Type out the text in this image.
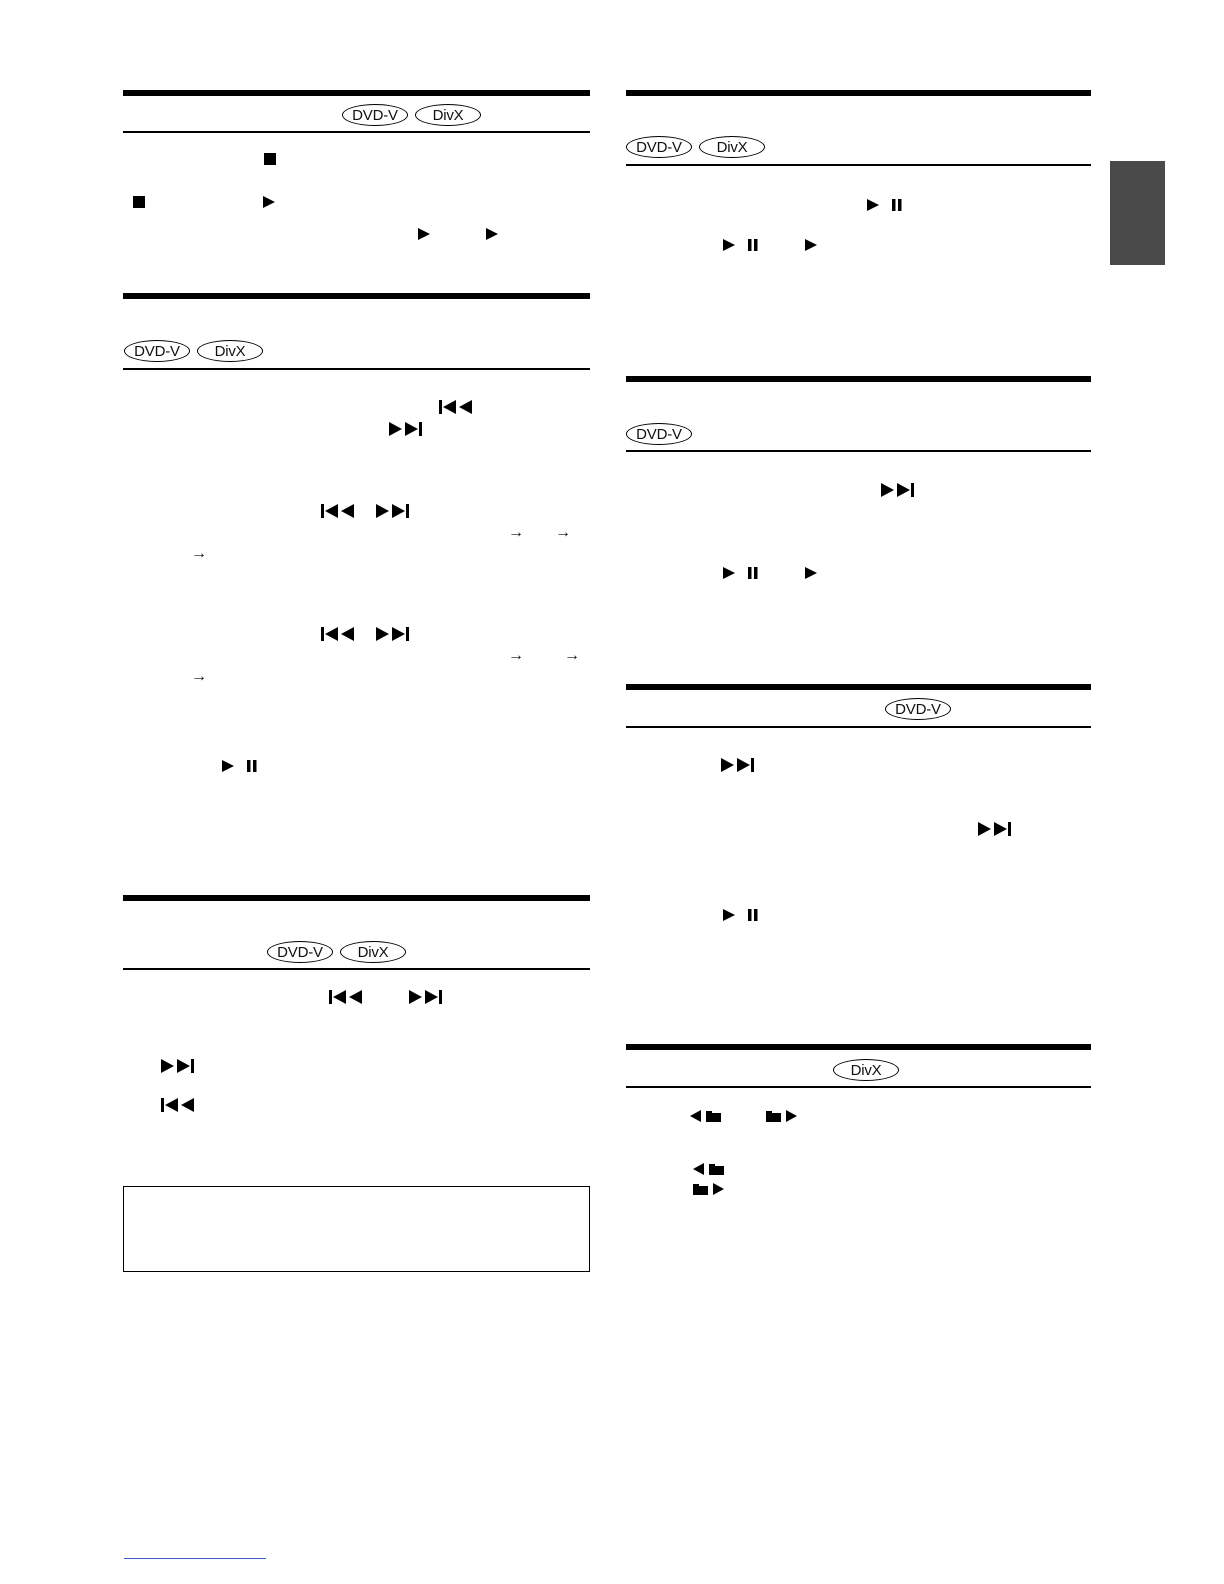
DVD-V	DivX
DVD-V	DivX
→ →
→
→	→
→
DVD-V	DivX
DVD-V	DivX
DVD-V
DVD-V
DivX
